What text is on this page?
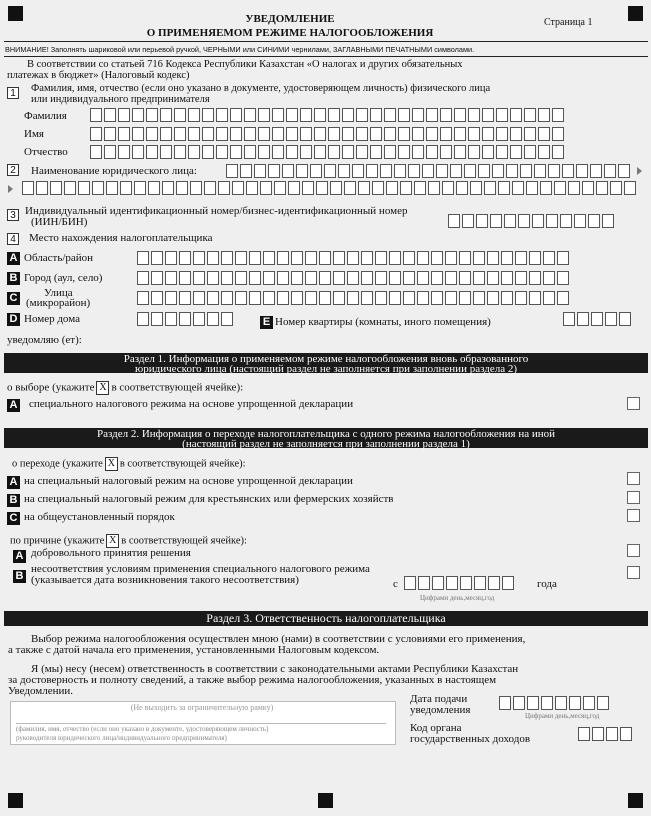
УВЕДОМЛЕНИЕ
О ПРИМЕНЯЕМОМ РЕЖИМЕ НАЛОГООБЛОЖЕНИЯ
Страница 1
ВНИМАНИЕ! Заполнять шариковой или перьевой ручкой, ЧЕРНЫМИ или СИНИМИ чернилами, ЗАГЛАВНЫМИ ПЕЧАТНЫМИ символами.
В соответствии со статьей 716 Кодекса Республики Казахстан «О налогах и других обязательных
платежах в бюджет» (Налоговый кодекс)
1	Фамилия, имя, отчество (если оно указано в документе, удостоверяющем личность) физического лица
или индивидуального предпринимателя
Фамилия
Имя
Отчество
2 Наименование юридического лица:
3 Индивидуальный идентификационный номер/бизнес-идентификационный номер
(ИИН/БИН)
4 Место нахождения налогоплательщика
A Область/район
B Город (аул, село)
C Улица
(микрорайон)
D Номер дома	E Номер квартиры (комнаты, иного помещения)
уведомляю (ет):
Раздел 1. Информация о применяемом режиме налогообложения вновь образованного
юридического лица (настоящий раздел не заполняется при заполнении раздела 2)
о выборе (укажите X в соответствующей ячейке):
A специального налогового режима на основе упрощенной декларации
Раздел 2. Информация о переходе налогоплательщика с одного режима налогообложения на иной
(настоящий раздел не заполняется при заполнении раздела 1)
о переходе (укажите X в соответствующей ячейке):
A на специальный налоговый режим на основе упрощенной декларации
B на специальный налоговый режим для крестьянских или фермерских хозяйств
C на общеустановленный порядок
по причине (укажите X в соответствующей ячейке):
A добровольного принятия решения
B
несоответствия условиям применения специального налогового режима
(указывается дата возникновения такого несоответствия)	с	года
Цифрами день,месяц,год
Раздел 3. Ответственность налогоплательщика
Выбор режима налогообложения осуществлен мною (нами) в соответствии с условиями его применения,
а также с датой начала его применения, установленными Налоговым кодексом.
Я (мы) несу (несем) ответственность в соответствии с законодательными актами Республики Казахстан
за достоверность и полноту сведений, а также выбор режима налогообложения, указанных в настоящем
Уведомлении.
(Не выходить за ограничительную рамку)
(фамилия, имя, отчество (если оно указано в документе, удостоверяющем личность)
руководителя юридического лица/индивидуального предпринимателя)
Дата подачи
уведомления	Цифрами день,месяц,год
Код органа
государственных доходов
